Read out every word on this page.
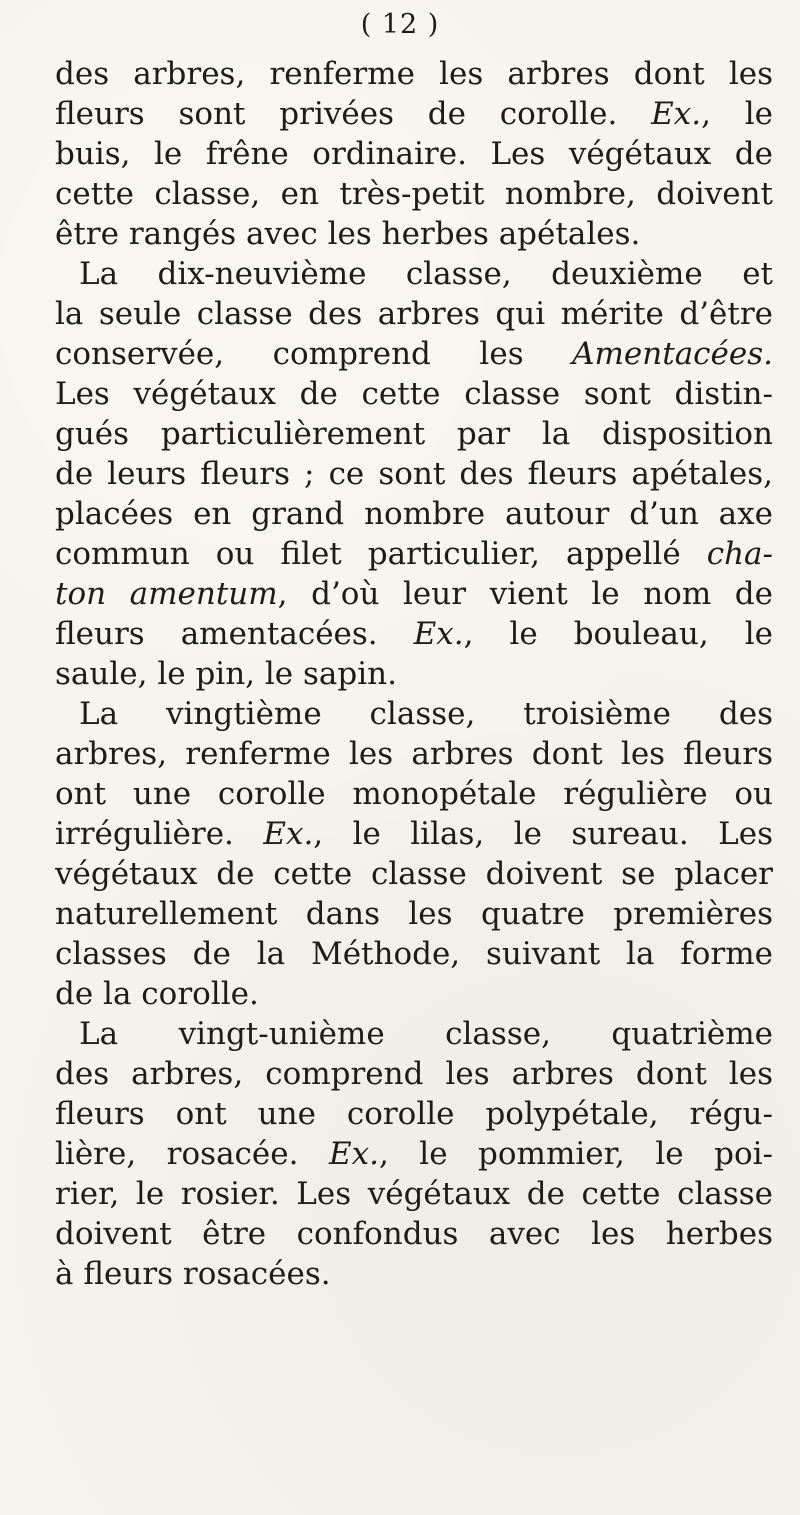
( 12 )
des arbres, renferme les arbres dont les
fleurs sont privées de corolle. Ex., le
buis, le frêne ordinaire. Les végétaux de
cette classe, en très-petit nombre, doivent
être rangés avec les herbes apétales.
La dix-neuvième classe, deuxième et
la seule classe des arbres qui mérite d’être
conservée, comprend les Amentacées.
Les végétaux de cette classe sont distin-
gués particulièrement par la disposition
de leurs fleurs ; ce sont des fleurs apétales,
placées en grand nombre autour d’un axe
commun ou filet particulier, appellé cha-
ton amentum, d’où leur vient le nom de
fleurs amentacées. Ex., le bouleau, le
saule, le pin, le sapin.
La vingtième classe, troisième des
arbres, renferme les arbres dont les fleurs
ont une corolle monopétale régulière ou
irrégulière. Ex., le lilas, le sureau. Les
végétaux de cette classe doivent se placer
naturellement dans les quatre premières
classes de la Méthode, suivant la forme
de la corolle.
La vingt-unième classe, quatrième
des arbres, comprend les arbres dont les
fleurs ont une corolle polypétale, régu-
lière, rosacée. Ex., le pommier, le poi-
rier, le rosier. Les végétaux de cette classe
doivent être confondus avec les herbes
à fleurs rosacées.
